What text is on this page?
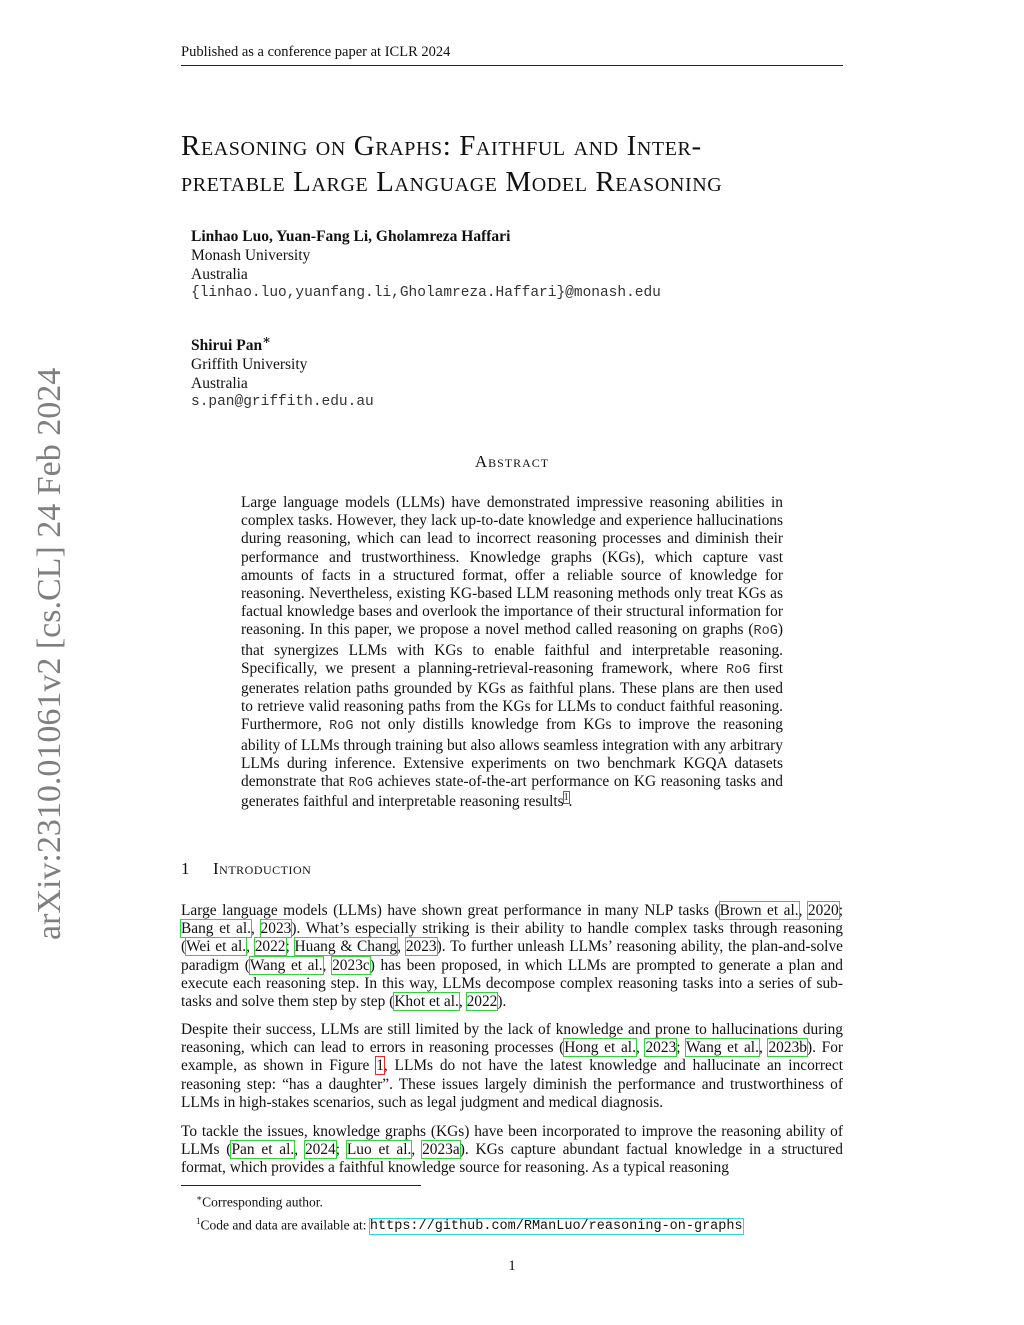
Published as a conference paper at ICLR 2024
arXiv:2310.01061v2 [cs.CL] 24 Feb 2024
Reasoning on Graphs: Faithful and Inter-
pretable Large Language Model Reasoning
Linhao Luo, Yuan-Fang Li, Gholamreza Haffari
Monash University
Australia
{linhao.luo,yuanfang.li,Gholamreza.Haffari}@monash.edu
Shirui Pan∗
Griffith University
Australia
s.pan@griffith.edu.au
Abstract
Large language models (LLMs) have demonstrated impressive reasoning abilities in complex tasks. However, they lack up-to-date knowledge and experience hallucinations during reasoning, which can lead to incorrect reasoning processes and diminish their performance and trustworthiness. Knowledge graphs (KGs), which capture vast amounts of facts in a structured format, offer a reliable source of knowledge for reasoning. Nevertheless, existing KG-based LLM reasoning methods only treat KGs as factual knowledge bases and overlook the importance of their structural information for reasoning. In this paper, we propose a novel method called reasoning on graphs (RoG) that synergizes LLMs with KGs to enable faithful and interpretable reasoning. Specifically, we present a planning-retrieval-reasoning framework, where RoG first generates relation paths grounded by KGs as faithful plans. These plans are then used to retrieve valid reasoning paths from the KGs for LLMs to conduct faithful reasoning. Furthermore, RoG not only distills knowledge from KGs to improve the reasoning ability of LLMs through training but also allows seamless integration with any arbitrary LLMs during inference. Extensive experiments on two benchmark KGQA datasets demonstrate that RoG achieves state-of-the-art performance on KG reasoning tasks and generates faithful and interpretable reasoning results$^1$.
1 Introduction
Large language models (LLMs) have shown great performance in many NLP tasks (Brown et al., 2020; Bang et al., 2023). What’s especially striking is their ability to handle complex tasks through reasoning (Wei et al., 2022; Huang & Chang, 2023). To further unleash LLMs’ reasoning ability, the plan-and-solve paradigm (Wang et al., 2023c) has been proposed, in which LLMs are prompted to generate a plan and execute each reasoning step. In this way, LLMs decompose complex reasoning tasks into a series of sub-tasks and solve them step by step (Khot et al., 2022).
Despite their success, LLMs are still limited by the lack of knowledge and prone to hallucinations during reasoning, which can lead to errors in reasoning processes (Hong et al., 2023; Wang et al., 2023b). For example, as shown in Figure 1, LLMs do not have the latest knowledge and hallucinate an incorrect reasoning step: “has a daughter”. These issues largely diminish the performance and trustworthiness of LLMs in high-stakes scenarios, such as legal judgment and medical diagnosis.
To tackle the issues, knowledge graphs (KGs) have been incorporated to improve the reasoning ability of LLMs (Pan et al., 2024; Luo et al., 2023a). KGs capture abundant factual knowledge in a structured format, which provides a faithful knowledge source for reasoning. As a typical reasoning
∗Corresponding author.
$^1$Code and data are available at: https://github.com/RManLuo/reasoning-on-graphs
1
